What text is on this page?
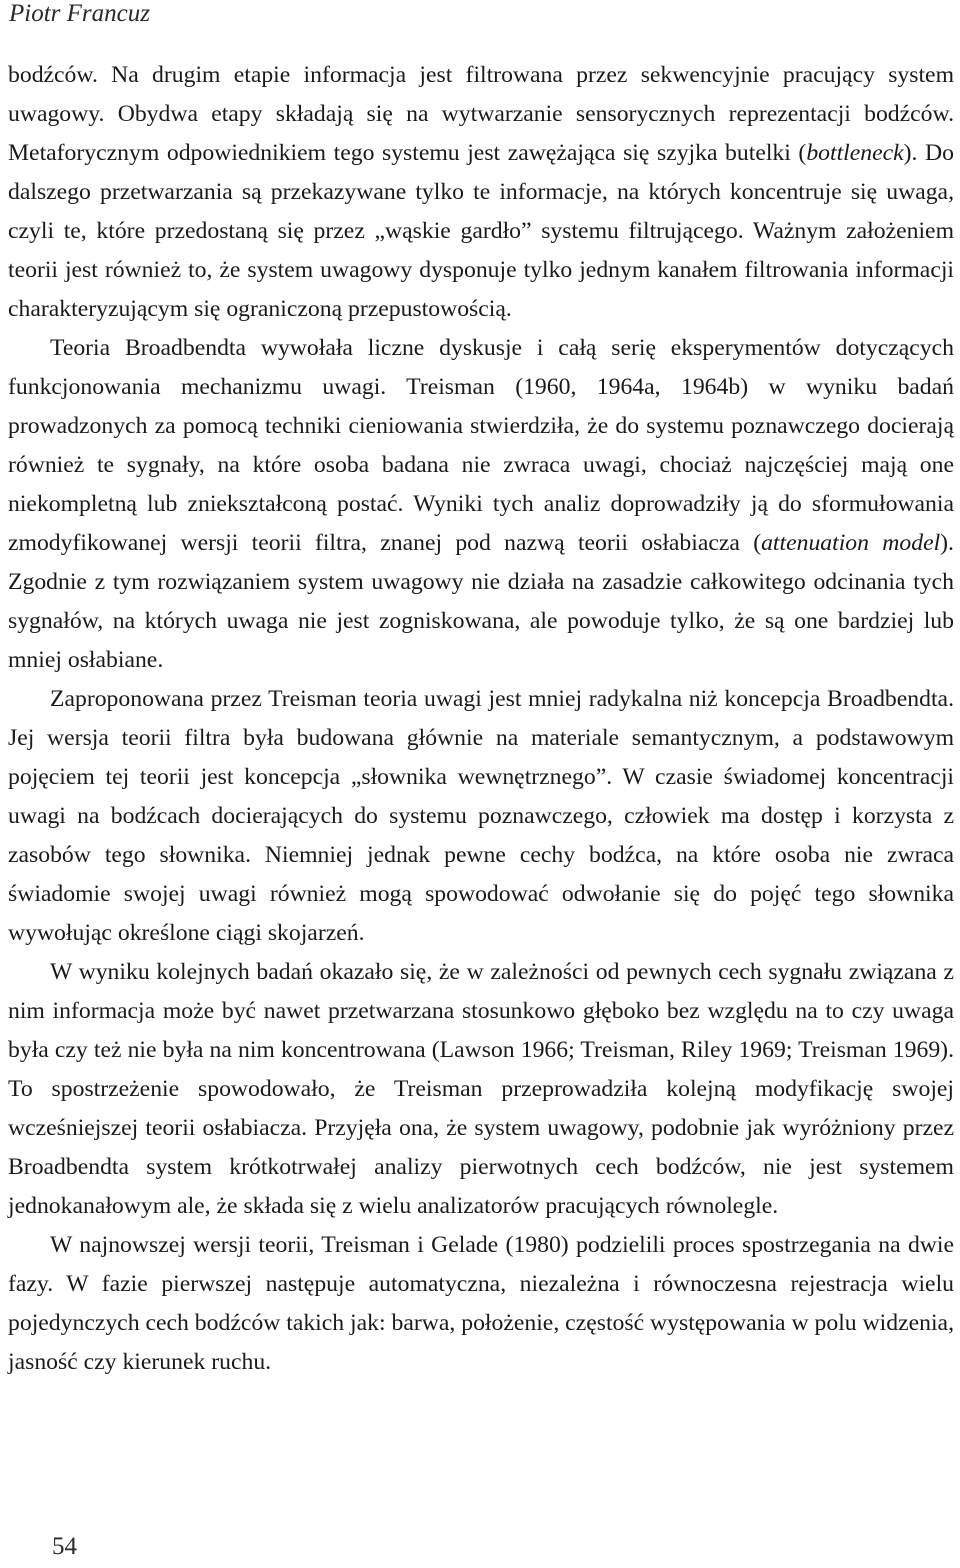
Piotr Francuz

bodźców. Na drugim etapie informacja jest filtrowana przez sekwencyjnie pracujący system uwagowy. Obydwa etapy składają się na wytwarzanie sensorycznych reprezentacji bodźców. Metaforycznym odpowiednikiem tego systemu jest zawężająca się szyjka butelki (bottleneck). Do dalszego przetwarzania są przekazywane tylko te informacje, na których koncentruje się uwaga, czyli te, które przedostaną się przez „wąskie gardło” systemu filtrującego. Ważnym założeniem teorii jest również to, że system uwagowy dysponuje tylko jednym kanałem filtrowania informacji charakteryzującym się ograniczoną przepustowością.

Teoria Broadbendta wywołała liczne dyskusje i całą serię eksperymentów dotyczących funkcjonowania mechanizmu uwagi. Treisman (1960, 1964a, 1964b) w wyniku badań prowadzonych za pomocą techniki cieniowania stwierdziła, że do systemu poznawczego docierają również te sygnały, na które osoba badana nie zwraca uwagi, chociaż najczęściej mają one niekompletną lub zniekształconą postać. Wyniki tych analiz doprowadziły ją do sformułowania zmodyfikowanej wersji teorii filtra, znanej pod nazwą teorii osłabiacza (attenuation model). Zgodnie z tym rozwiązaniem system uwagowy nie działa na zasadzie całkowitego odcinania tych sygnałów, na których uwaga nie jest zogniskowana, ale powoduje tylko, że są one bardziej lub mniej osłabiane.

Zaproponowana przez Treisman teoria uwagi jest mniej radykalna niż koncepcja Broadbendta. Jej wersja teorii filtra była budowana głównie na materiale semantycznym, a podstawowym pojęciem tej teorii jest koncepcja „słownika wewnętrznego”. W czasie świadomej koncentracji uwagi na bodźcach docierających do systemu poznawczego, człowiek ma dostęp i korzysta z zasobów tego słownika. Niemniej jednak pewne cechy bodźca, na które osoba nie zwraca świadomie swojej uwagi również mogą spowodować odwołanie się do pojęć tego słownika wywołując określone ciągi skojarzeń.

W wyniku kolejnych badań okazało się, że w zależności od pewnych cech sygnału związana z nim informacja może być nawet przetwarzana stosunkowo głęboko bez względu na to czy uwaga była czy też nie była na nim koncentrowana (Lawson 1966; Treisman, Riley 1969; Treisman 1969). To spostrzeżenie spowodowało, że Treisman przeprowadziła kolejną modyfikację swojej wcześniejszej teorii osłabiacza. Przyjęła ona, że system uwagowy, podobnie jak wyróżniony przez Broadbendta system krótkotrwałej analizy pierwotnych cech bodźców, nie jest systemem jednokanałowym ale, że składa się z wielu analizatorów pracujących równolegle.

W najnowszej wersji teorii, Treisman i Gelade (1980) podzielili proces spostrzegania na dwie fazy. W fazie pierwszej następuje automatyczna, niezależna i równoczesna rejestracja wielu pojedynczych cech bodźców takich jak: barwa, położenie, częstość występowania w polu widzenia, jasność czy kierunek ruchu.

54
